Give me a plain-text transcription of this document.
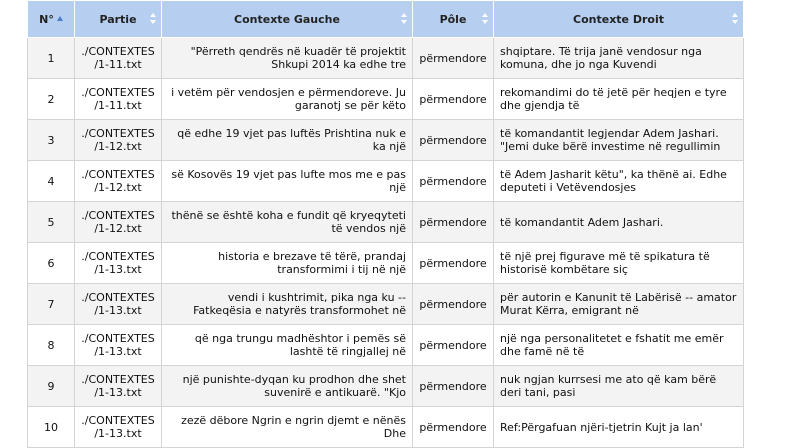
N°	Partie	Contexte Gauche	Pôle	Contexte Droit

1	./CONTEXTES /1-11.txt	"Përreth qendrës në kuadër të projektit Shkupi 2014 ka edhe tre	përmendore	shqiptare. Të trija janë vendosur nga komuna, dhe jo nga Kuvendi
2	./CONTEXTES /1-11.txt	i vetëm për vendosjen e përmendoreve. Ju garanotj se për këto	përmendore	rekomandimi do të jetë për heqjen e tyre dhe gjendja të
3	./CONTEXTES /1-12.txt	që edhe 19 vjet pas luftës Prishtina nuk e ka një	përmendore	të komandantit legjendar Adem Jashari. "Jemi duke bërë investime në regullimin
4	./CONTEXTES /1-12.txt	së Kosovës 19 vjet pas lufte mos me e pas një	përmendore	të Adem Jasharit këtu", ka thënë ai. Edhe deputeti i Vetëvendosjes
5	./CONTEXTES /1-12.txt	thënë se është koha e fundit që kryeqyteti të vendos një	përmendore	të komandantit Adem Jashari.
6	./CONTEXTES /1-13.txt	historia e brezave të tërë, prandaj transformimi i tij në një	përmendore	të një prej figurave më të spikatura të historisë kombëtare siç
7	./CONTEXTES /1-13.txt	vendi i kushtrimit, pika nga ku -- Fatkeqësia e natyrës transformohet në	përmendore	për autorin e Kanunit të Labërisë -- amator Murat Kërra, emigrant në
8	./CONTEXTES /1-13.txt	që nga trungu madhështor i pemës së lashtë të ringjallej në	përmendore	një nga personalitetet e fshatit me emër dhe famë në të
9	./CONTEXTES /1-13.txt	një punishte-dyqan ku prodhon dhe shet suvenirë e antikuarë. "Kjo	përmendore	nuk ngjan kurrsesi me ato që kam bërë deri tani, pasi
10	./CONTEXTES /1-13.txt	zezë dëbore Ngrin e ngrin djemt e nënës Dhe	përmendore	Ref:Përgafuan njëri-tjetrin Kujt ja lan'
